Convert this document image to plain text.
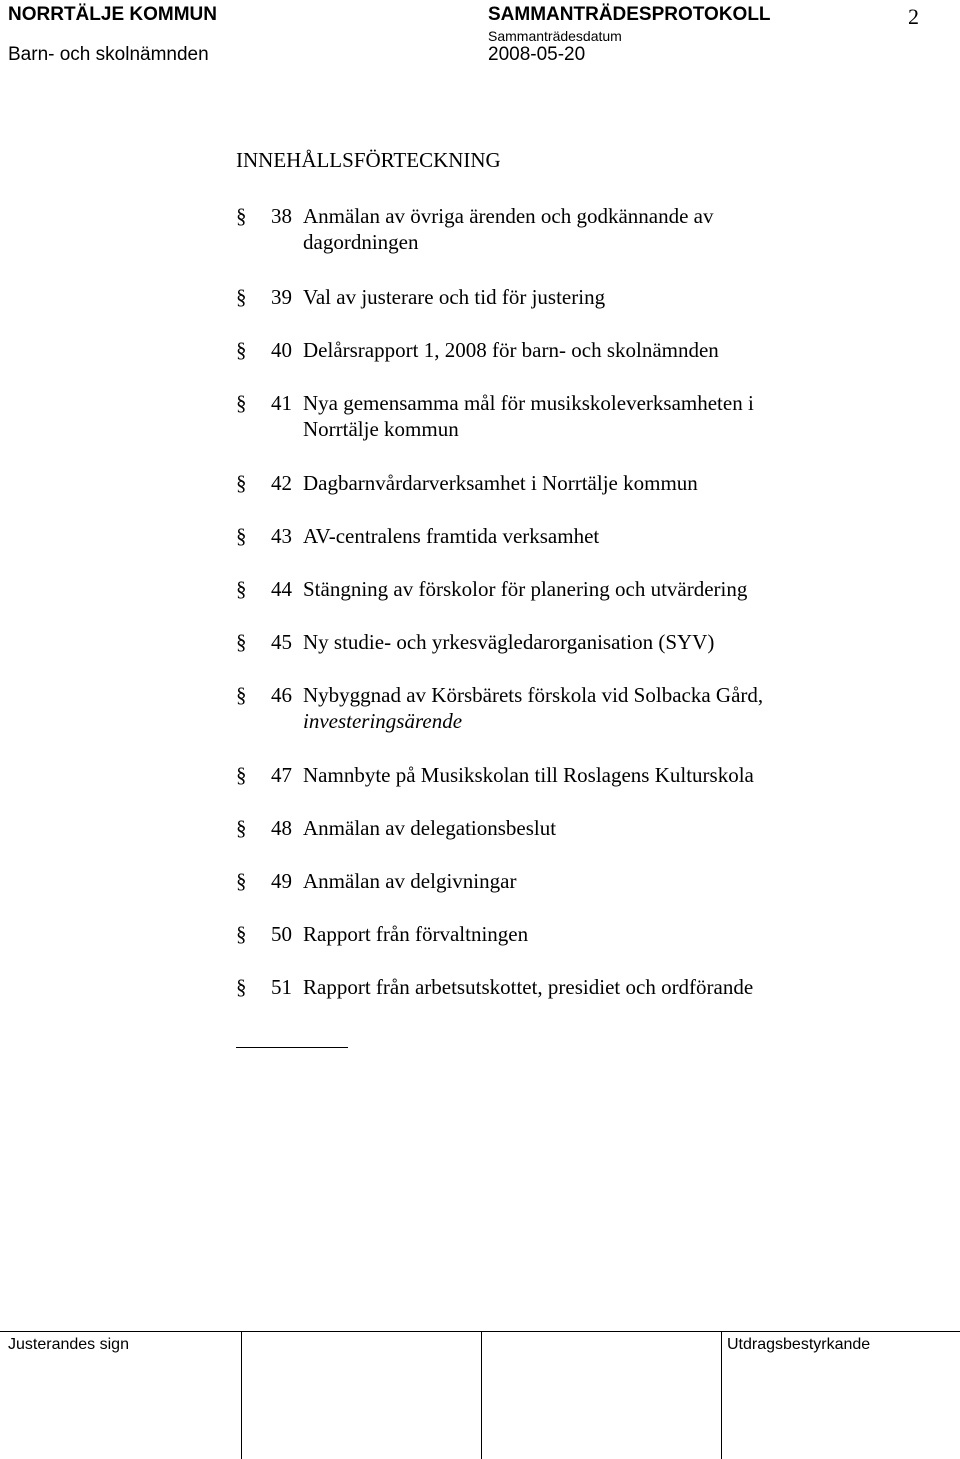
NORRTÄLJE KOMMUN
Barn- och skolnämnden
SAMMANTRÄDESPROTOKOLL
Sammanträdesdatum
2008-05-20
2
INNEHÅLLSFÖRTECKNING
§	38 Anmälan av övriga ärenden och godkännande av dagordningen
§	39 Val av justerare och tid för justering
§	40 Delårsrapport 1, 2008 för barn- och skolnämnden
§	41 Nya gemensamma mål för musikskoleverksamheten i Norrtälje kommun
§	42 Dagbarnvårdarverksamhet i Norrtälje kommun
§	43 AV-centralens framtida verksamhet
§	44 Stängning av förskolor för planering och utvärdering
§	45 Ny studie- och yrkesvägledarorganisation (SYV)
§	46 Nybyggnad av Körsbärets förskola vid Solbacka Gård,
investeringsärende
§	47 Namnbyte på Musikskolan till Roslagens Kulturskola
§	48 Anmälan av delegationsbeslut
§	49 Anmälan av delgivningar
§	50 Rapport från förvaltningen
§	51 Rapport från arbetsutskottet, presidiet och ordförande
Justerandes sign	Utdragsbestyrkande
